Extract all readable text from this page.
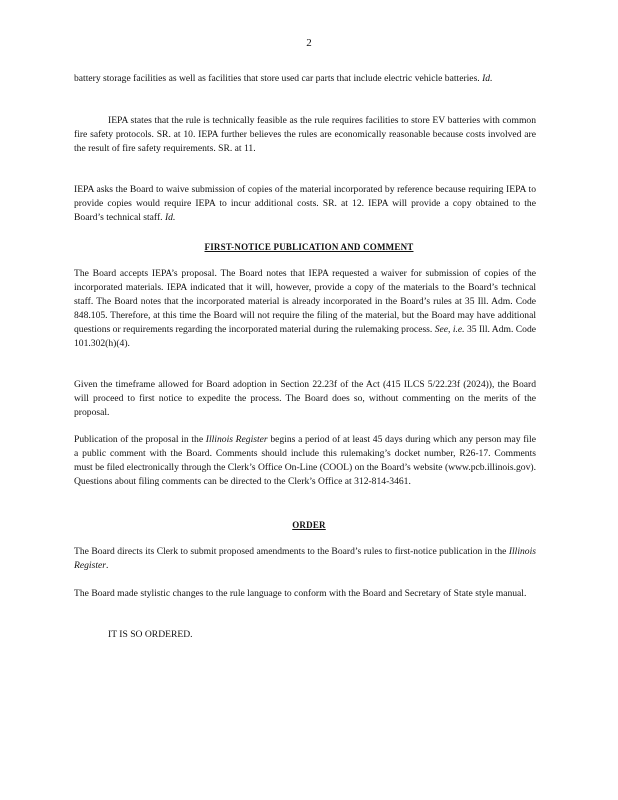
2

battery storage facilities as well as facilities that store used car parts that include electric vehicle batteries. Id.

IEPA states that the rule is technically feasible as the rule requires facilities to store EV batteries with common fire safety protocols. SR. at 10. IEPA further believes the rules are economically reasonable because costs involved are the result of fire safety requirements. SR. at 11.

IEPA asks the Board to waive submission of copies of the material incorporated by reference because requiring IEPA to provide copies would require IEPA to incur additional costs. SR. at 12. IEPA will provide a copy obtained to the Board’s technical staff. Id.

FIRST-NOTICE PUBLICATION AND COMMENT

The Board accepts IEPA’s proposal. The Board notes that IEPA requested a waiver for submission of copies of the incorporated materials. IEPA indicated that it will, however, provide a copy of the materials to the Board’s technical staff. The Board notes that the incorporated material is already incorporated in the Board’s rules at 35 Ill. Adm. Code 848.105. Therefore, at this time the Board will not require the filing of the material, but the Board may have additional questions or requirements regarding the incorporated material during the rulemaking process. See, i.e. 35 Ill. Adm. Code 101.302(h)(4).

Given the timeframe allowed for Board adoption in Section 22.23f of the Act (415 ILCS 5/22.23f (2024)), the Board will proceed to first notice to expedite the process. The Board does so, without commenting on the merits of the proposal.

Publication of the proposal in the Illinois Register begins a period of at least 45 days during which any person may file a public comment with the Board. Comments should include this rulemaking’s docket number, R26-17. Comments must be filed electronically through the Clerk’s Office On-Line (COOL) on the Board’s website (www.pcb.illinois.gov). Questions about filing comments can be directed to the Clerk’s Office at 312-814-3461.

ORDER

The Board directs its Clerk to submit proposed amendments to the Board’s rules to first-notice publication in the Illinois Register.

The Board made stylistic changes to the rule language to conform with the Board and Secretary of State style manual.

IT IS SO ORDERED.
